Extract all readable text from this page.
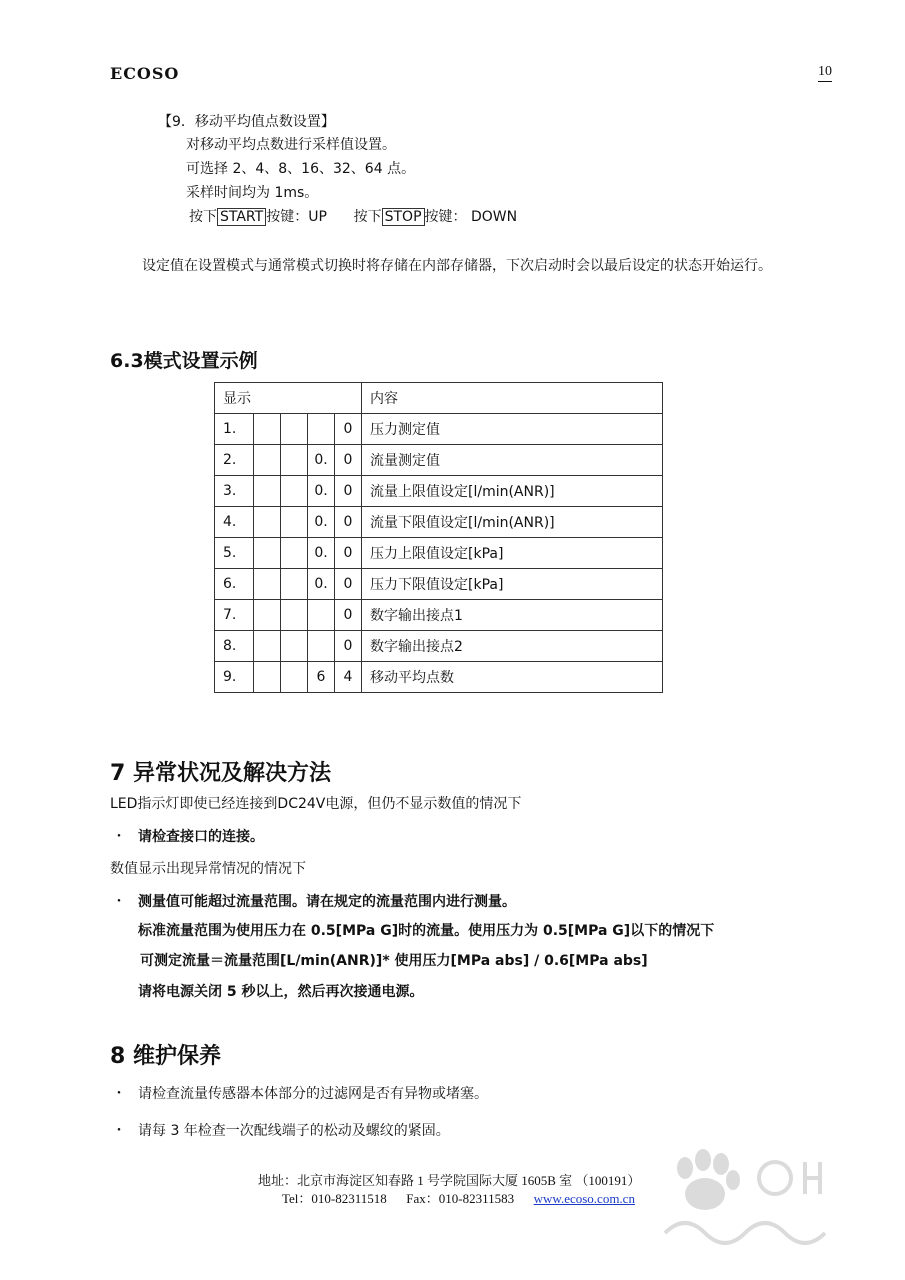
ECOSO	10
【9．移动平均值点数设置】
对移动平均点数进行采样值设置。
可选择 2、4、8、16、32、64 点。
采样时间均为 1ms。
按下 START 按键：UP 按下 STOP 按键： DOWN
设定值在设置模式与通常模式切换时将存储在内部存储器，下次启动时会以最后设定的状态开始运行。
6.3模式设置示例
显示					内容
1.				0	压力测定值
2.			0.	0	流量测定值
3.			0.	0	流量上限值设定[l/min(ANR)]
4.			0.	0	流量下限值设定[l/min(ANR)]
5.			0.	0	压力上限值设定[kPa]
6.			0.	0	压力下限值设定[kPa]
7.				0	数字输出接点1
8.				0	数字输出接点2
9.			6	4	移动平均点数
7 异常状况及解决方法
LED指示灯即使已经连接到DC24V电源，但仍不显示数值的情况下
・ 请检查接口的连接。
数值显示出现异常情况的情况下
・ 测量值可能超过流量范围。请在规定的流量范围内进行测量。
标准流量范围为使用压力在 0.5[MPa G]时的流量。使用压力为 0.5[MPa G]以下的情况下
可测定流量＝流量范围[L/min(ANR)]* 使用压力[MPa abs] / 0.6[MPa abs]
请将电源关闭 5 秒以上，然后再次接通电源。
8 维护保养
・ 请检查流量传感器本体部分的过滤网是否有异物或堵塞。
・ 请每 3 年检查一次配线端子的松动及螺纹的紧固。
地址：北京市海淀区知春路 1 号学院国际大厦 1605B 室 （100191）
Tel：010-82311518 Fax：010-82311583 www.ecoso.com.cn
